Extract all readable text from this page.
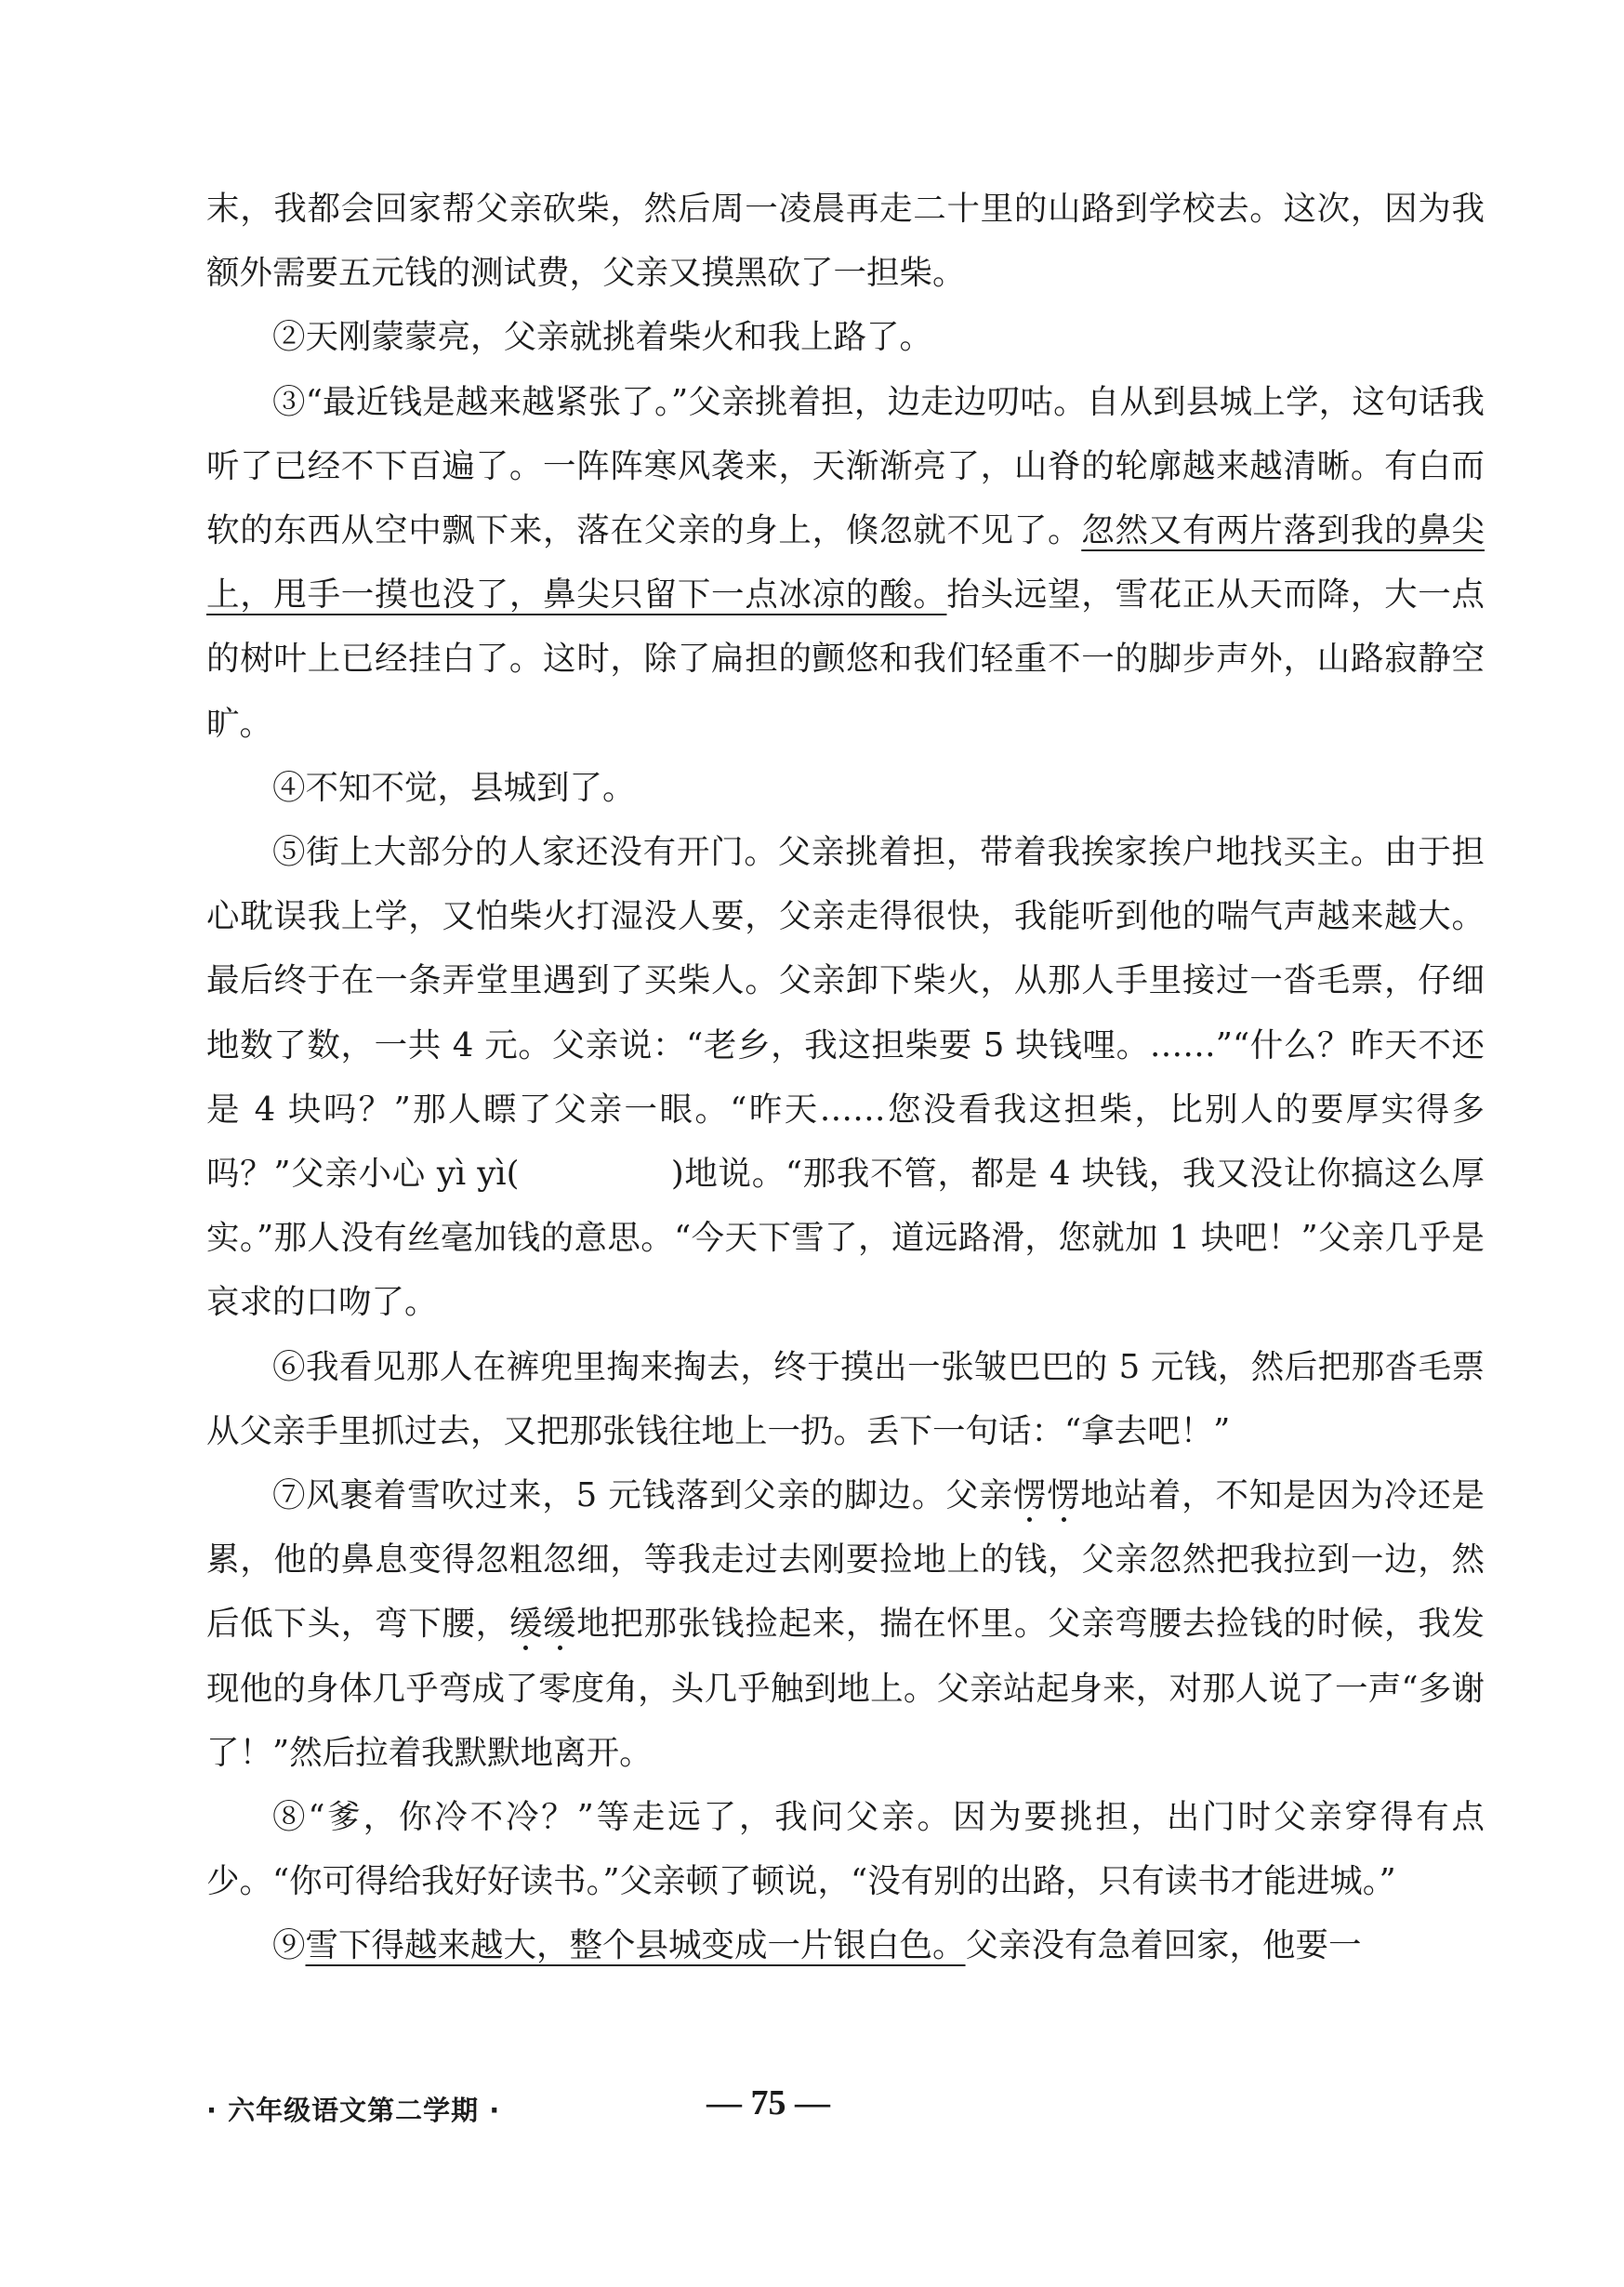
末，我都会回家帮父亲砍柴，然后周一凌晨再走二十里的山路到学校去。这次，因为我额外需要五元钱的测试费，父亲又摸黑砍了一担柴。

②天刚蒙蒙亮，父亲就挑着柴火和我上路了。

③“最近钱是越来越紧张了。”父亲挑着担，边走边叨咕。自从到县城上学，这句话我听了已经不下百遍了。一阵阵寒风袭来，天渐渐亮了，山脊的轮廓越来越清晰。有白而软的东西从空中飘下来，落在父亲的身上，倏忽就不见了。忽然又有两片落到我的鼻尖上，甩手一摸也没了，鼻尖只留下一点冰凉的酸。抬头远望，雪花正从天而降，大一点的树叶上已经挂白了。这时，除了扁担的颤悠和我们轻重不一的脚步声外，山路寂静空旷。

④不知不觉，县城到了。

⑤街上大部分的人家还没有开门。父亲挑着担，带着我挨家挨户地找买主。由于担心耽误我上学，又怕柴火打湿没人要，父亲走得很快，我能听到他的喘气声越来越大。最后终于在一条弄堂里遇到了买柴人。父亲卸下柴火，从那人手里接过一沓毛票，仔细地数了数，一共 4 元。父亲说：“老乡，我这担柴要 5 块钱哩。……”“什么？昨天不还是 4 块吗？”那人瞟了父亲一眼。“昨天……您没看我这担柴，比别人的要厚实得多吗？”父亲小心 yì yì(	)地说。“那我不管，都是 4 块钱，我又没让你搞这么厚实。”那人没有丝毫加钱的意思。“今天下雪了，道远路滑，您就加 1 块吧！”父亲几乎是哀求的口吻了。

⑥我看见那人在裤兜里掏来掏去，终于摸出一张皱巴巴的 5 元钱，然后把那沓毛票从父亲手里抓过去，又把那张钱往地上一扔。丢下一句话：“拿去吧！”

⑦风裹着雪吹过来，5 元钱落到父亲的脚边。父亲愣愣地站着，不知是因为冷还是累，他的鼻息变得忽粗忽细，等我走过去刚要捡地上的钱，父亲忽然把我拉到一边，然后低下头，弯下腰，缓缓地把那张钱捡起来，揣在怀里。父亲弯腰去捡钱的时候，我发现他的身体几乎弯成了零度角，头几乎触到地上。父亲站起身来，对那人说了一声“多谢了！”然后拉着我默默地离开。

⑧“爹，你冷不冷？”等走远了，我问父亲。因为要挑担，出门时父亲穿得有点少。“你可得给我好好读书。”父亲顿了顿说，“没有别的出路，只有读书才能进城。”

⑨雪下得越来越大，整个县城变成一片银白色。父亲没有急着回家，他要一

· 六年级语文第二学期 ·	— 75 —
